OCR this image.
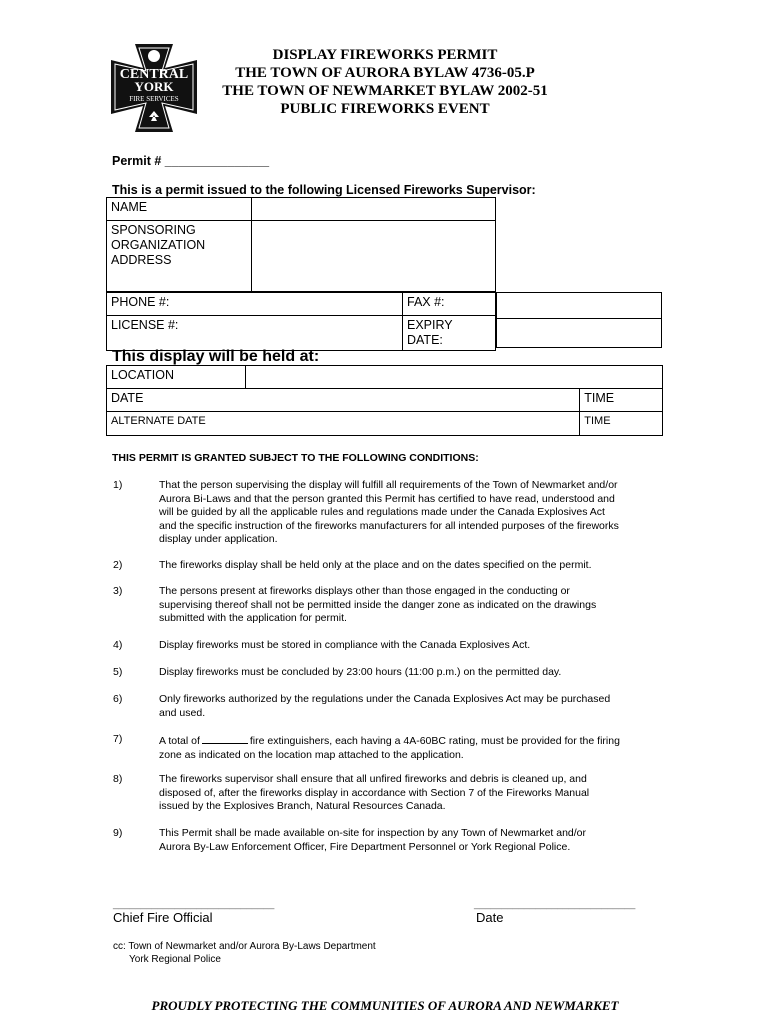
CENTRAL
YORK
FIRE SERVICES
DISPLAY FIREWORKS PERMIT
THE TOWN OF AURORA BYLAW 4736-05.P
THE TOWN OF NEWMARKET BYLAW 2002-51
PUBLIC FIREWORKS EVENT
Permit # _______________
This is a permit issued to the following Licensed Fireworks Supervisor:
NAME	

SPONSORING
ORGANIZATION
ADDRESS	

PHONE #:	FAX #:
LICENSE #:	EXPIRY
DATE:
This display will be held at:
LOCATION		
DATE		TIME
ALTERNATE DATE		TIME
THIS PERMIT IS GRANTED SUBJECT TO THE FOLLOWING CONDITIONS:
1)	That the person supervising the display will fulfill all requirements of the Town of Newmarket and/or
Aurora Bi-Laws and that the person granted this Permit has certified to have read, understood and
will be guided by all the applicable rules and regulations made under the Canada Explosives Act
and the specific instruction of the fireworks manufacturers for all intended purposes of the fireworks
display under application.
2)	The fireworks display shall be held only at the place and on the dates specified on the permit.
3)	The persons present at fireworks displays other than those engaged in the conducting or
supervising thereof shall not be permitted inside the danger zone as indicated on the drawings
submitted with the application for permit.
4)	Display fireworks must be stored in compliance with the Canada Explosives Act.
5)	Display fireworks must be concluded by 23:00 hours (11:00 p.m.) on the permitted day.
6)	Only fireworks authorized by the regulations under the Canada Explosives Act may be purchased
and used.
7)	A total of	fire extinguishers, each having a 4A-60BC rating, must be provided for the firing
zone as indicated on the location map attached to the application.
8)	The fireworks supervisor shall ensure that all unfired fireworks and debris is cleaned up, and
disposed of, after the fireworks display in accordance with Section 7 of the Fireworks Manual
issued by the Explosives Branch, Natural Resources Canada.
9)	This Permit shall be made available on-site for inspection by any Town of Newmarket and/or
Aurora By-Law Enforcement Officer, Fire Department Personnel or York Regional Police.
_____________________________
Chief Fire Official
_____________________________
Date
cc: Town of Newmarket and/or Aurora By-Laws Department
York Regional Police
PROUDLY PROTECTING THE COMMUNITIES OF AURORA AND NEWMARKET
